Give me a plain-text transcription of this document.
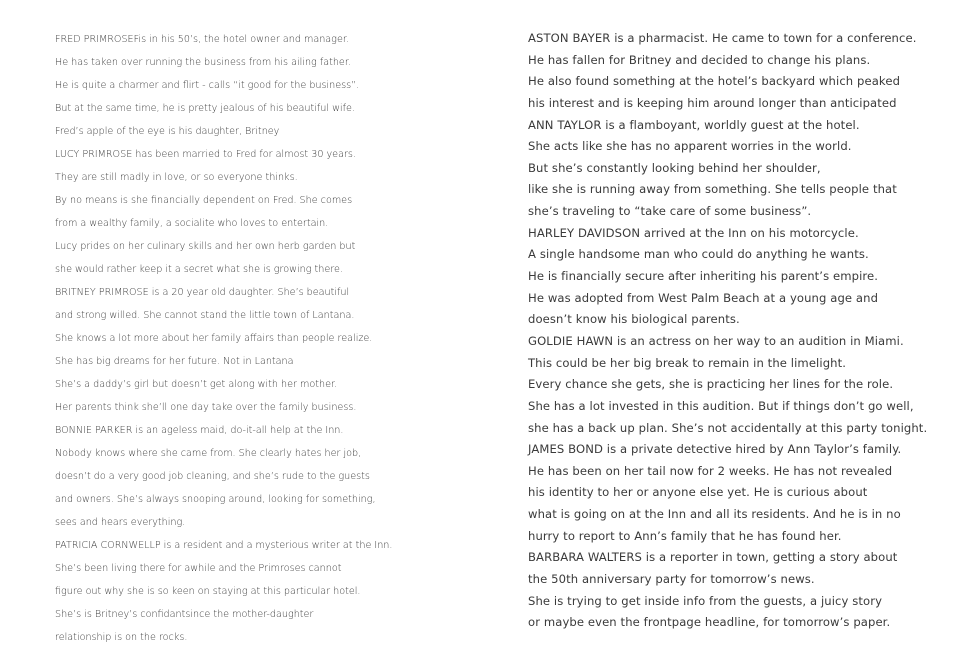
FRED PRIMROSEFis in his 50’s, the hotel owner and manager.
He has taken over running the business from his ailing father.
He is quite a charmer and flirt - calls “it good for the business”.
But at the same time, he is pretty jealous of his beautiful wife.
Fred’s apple of the eye is his daughter, Britney
LUCY PRIMROSE has been married to Fred for almost 30 years.
They are still madly in love, or so everyone thinks.
By no means is she financially dependent on Fred. She comes
from a wealthy family, a socialite who loves to entertain.
Lucy prides on her culinary skills and her own herb garden but
she would rather keep it a secret what she is growing there.
BRITNEY PRIMROSE is a 20 year old daughter. She’s beautiful
and strong willed. She cannot stand the little town of Lantana.
She knows a lot more about her family affairs than people realize.
She has big dreams for her future. Not in Lantana
She’s a daddy’s girl but doesn’t get along with her mother.
Her parents think she’ll one day take over the family business.
BONNIE PARKER is an ageless maid, do-it-all help at the Inn.
Nobody knows where she came from. She clearly hates her job,
doesn’t do a very good job cleaning, and she’s rude to the guests
and owners. She’s always snooping around, looking for something,
sees and hears everything.
PATRICIA CORNWELLP is a resident and a mysterious writer at the Inn.
She’s been living there for awhile and the Primroses cannot
figure out why she is so keen on staying at this particular hotel.
She’s is Britney’s confidantsince the mother-daughter
relationship is on the rocks.
ASTON BAYER is a pharmacist. He came to town for a conference.
He has fallen for Britney and decided to change his plans.
He also found something at the hotel’s backyard which peaked
his interest and is keeping him around longer than anticipated
ANN TAYLOR is a flamboyant, worldly guest at the hotel.
She acts like she has no apparent worries in the world.
But she’s constantly looking behind her shoulder,
like she is running away from something. She tells people that
she’s traveling to “take care of some business”.
HARLEY DAVIDSON arrived at the Inn on his motorcycle.
A single handsome man who could do anything he wants.
He is financially secure after inheriting his parent’s empire.
He was adopted from West Palm Beach at a young age and
doesn’t know his biological parents.
GOLDIE HAWN is an actress on her way to an audition in Miami.
This could be her big break to remain in the limelight.
Every chance she gets, she is practicing her lines for the role.
She has a lot invested in this audition. But if things don’t go well,
she has a back up plan. She’s not accidentally at this party tonight.
JAMES BOND is a private detective hired by Ann Taylor’s family.
He has been on her tail now for 2 weeks. He has not revealed
his identity to her or anyone else yet. He is curious about
what is going on at the Inn and all its residents. And he is in no
hurry to report to Ann’s family that he has found her.
BARBARA WALTERS is a reporter in town, getting a story about
the 50th anniversary party for tomorrow’s news.
She is trying to get inside info from the guests, a juicy story
or maybe even the frontpage headline, for tomorrow’s paper.
